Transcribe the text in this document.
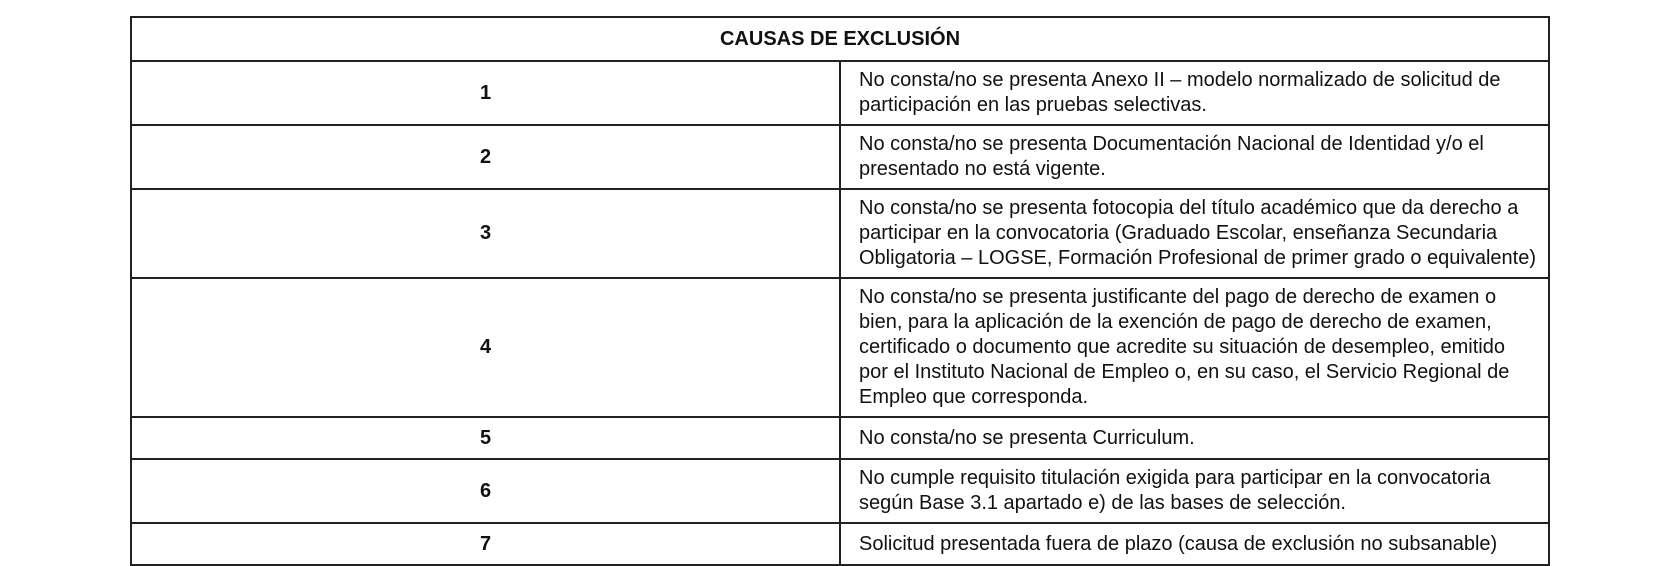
CAUSAS DE EXCLUSIÓN	
1	No consta/no se presenta Anexo II – modelo normalizado de solicitud de participación en las pruebas selectivas.
2	No consta/no se presenta Documentación Nacional de Identidad y/o el presentado no está vigente.
3	No consta/no se presenta fotocopia del título académico que da derecho a participar en la convocatoria (Graduado Escolar, enseñanza Secundaria Obligatoria – LOGSE, Formación Profesional de primer grado o equivalente)
4	No consta/no se presenta justificante del pago de derecho de examen o bien, para la aplicación de la exención de pago de derecho de examen, certificado o documento que acredite su situación de desempleo, emitido por el Instituto Nacional de Empleo o, en su caso, el Servicio Regional de Empleo que corresponda.
5	No consta/no se presenta Curriculum.
6	No cumple requisito titulación exigida para participar en la convocatoria según Base 3.1 apartado e) de las bases de selección.
7	Solicitud presentada fuera de plazo (causa de exclusión no subsanable)
